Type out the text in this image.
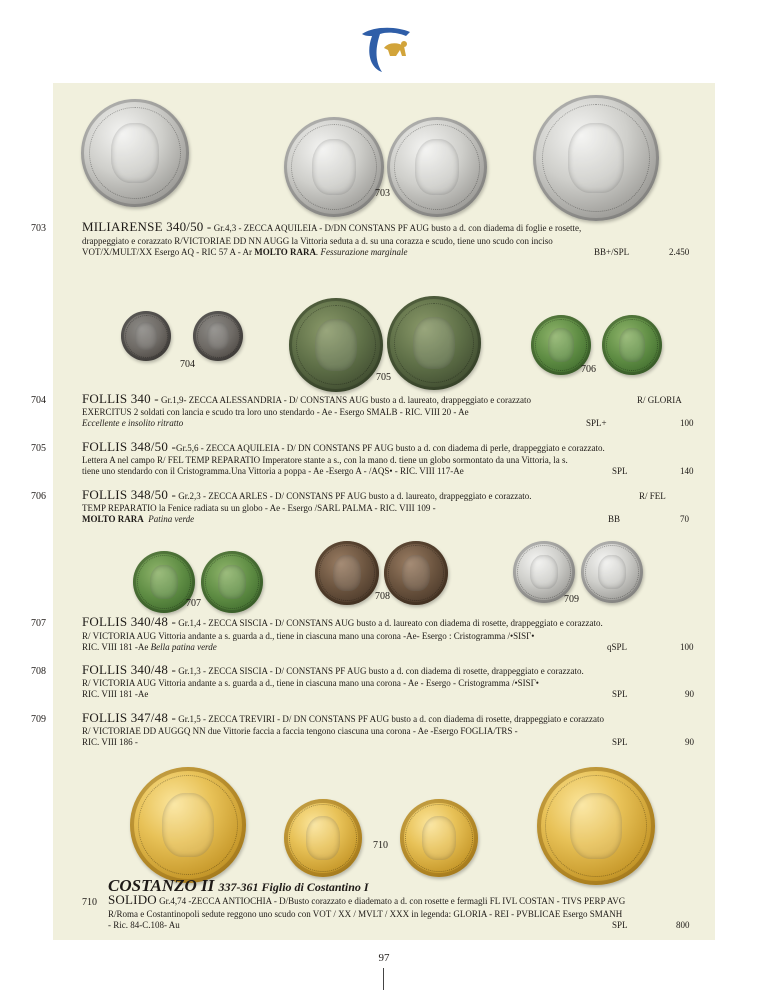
703
703	MILIARENSE 340/50 - Gr.4,3 - ZECCA AQUILEIA - D/DN CONSTANS PF AUG busto a d. con diadema di foglie e rosette,
drappeggiato e corazzato R/VICTORIAE DD NN AUGG la Vittoria seduta a d. su una corazza e scudo, tiene uno scudo con inciso
VOT/X/MULT/XX Esergo AQ - RIC 57 A - Ar MOLTO RARA. Fessurazione marginale	BB+/SPL	2.450
704
705
706
704	FOLLIS 340 - Gr.1,9- ZECCA ALESSANDRIA - D/ CONSTANS AUG busto a d. laureato, drappeggiato e corazzato	R/ GLORIA
EXERCITUS 2 soldati con lancia e scudo tra loro uno stendardo - Ae - Esergo SMALB - RIC. VIII 20 - Ae
Eccellente e insolito ritratto	SPL+	100
705	FOLLIS 348/50 -Gr.5,6 - ZECCA AQUILEIA - D/ DN CONSTANS PF AUG busto a d. con diadema di perle, drappeggiato e corazzato.
Lettera A nel campo R/ FEL TEMP REPARATIO Imperatore stante a s., con la mano d. tiene un globo sormontato da una Vittoria, la s.
tiene uno stendardo con il Cristogramma.Una Vittoria a poppa - Ae -Esergo A - /AQS• - RIC. VIII 117-Ae	SPL	140
706	FOLLIS 348/50 - Gr.2,3 - ZECCA ARLES - D/ CONSTANS PF AUG busto a d. laureato, drappeggiato e corazzato.	R/ FEL
TEMP REPARATIO la Fenice radiata su un globo - Ae - Esergo /SARL PALMA - RIC. VIII 109 -
MOLTO RARA Patina verde	BB	70
707
708	709
707	FOLLIS 340/48 - Gr.1,4 - ZECCA SISCIA - D/ CONSTANS AUG busto a d. laureato con diadema di rosette, drappeggiato e corazzato.
R/ VICTORIA AUG Vittoria andante a s. guarda a d., tiene in ciascuna mano una corona -Ae- Esergo : Cristogramma /•SISΓ•
RIC. VIII 181 -Ae Bella patina verde	qSPL	100
708	FOLLIS 340/48 - Gr.1,3 - ZECCA SISCIA - D/ CONSTANS PF AUG busto a d. con diadema di rosette, drappeggiato e corazzato.
R/ VICTORIA AUG Vittoria andante a s. guarda a d., tiene in ciascuna mano una corona - Ae - Esergo - Cristogramma /•SISΓ•
RIC. VIII 181 -Ae	SPL	90
709	FOLLIS 347/48 - Gr.1,5 - ZECCA TREVIRI - D/ DN CONSTANS PF AUG busto a d. con diadema di rosette, drappeggiato e corazzato
R/ VICTORIAE DD AUGGQ NN due Vittorie faccia a faccia tengono ciascuna una corona - Ae -Esergo FOGLIA/TRS -
RIC. VIII 186 -	SPL	90
710
COSTANZO II 337-361 Figlio di Costantino I
710 SOLIDO Gr.4,74 -ZECCA ANTIOCHIA - D/Busto corazzato e diademato a d. con rosette e fermagli FL IVL COSTAN - TIVS PERP AVG
R/Roma e Costantinopoli sedute reggono uno scudo con VOT / XX / MVLT / XXX in legenda: GLORIA - REI - PVBLICAE Esergo SMANH
- Ric. 84-C.108- Au	SPL	800
97
